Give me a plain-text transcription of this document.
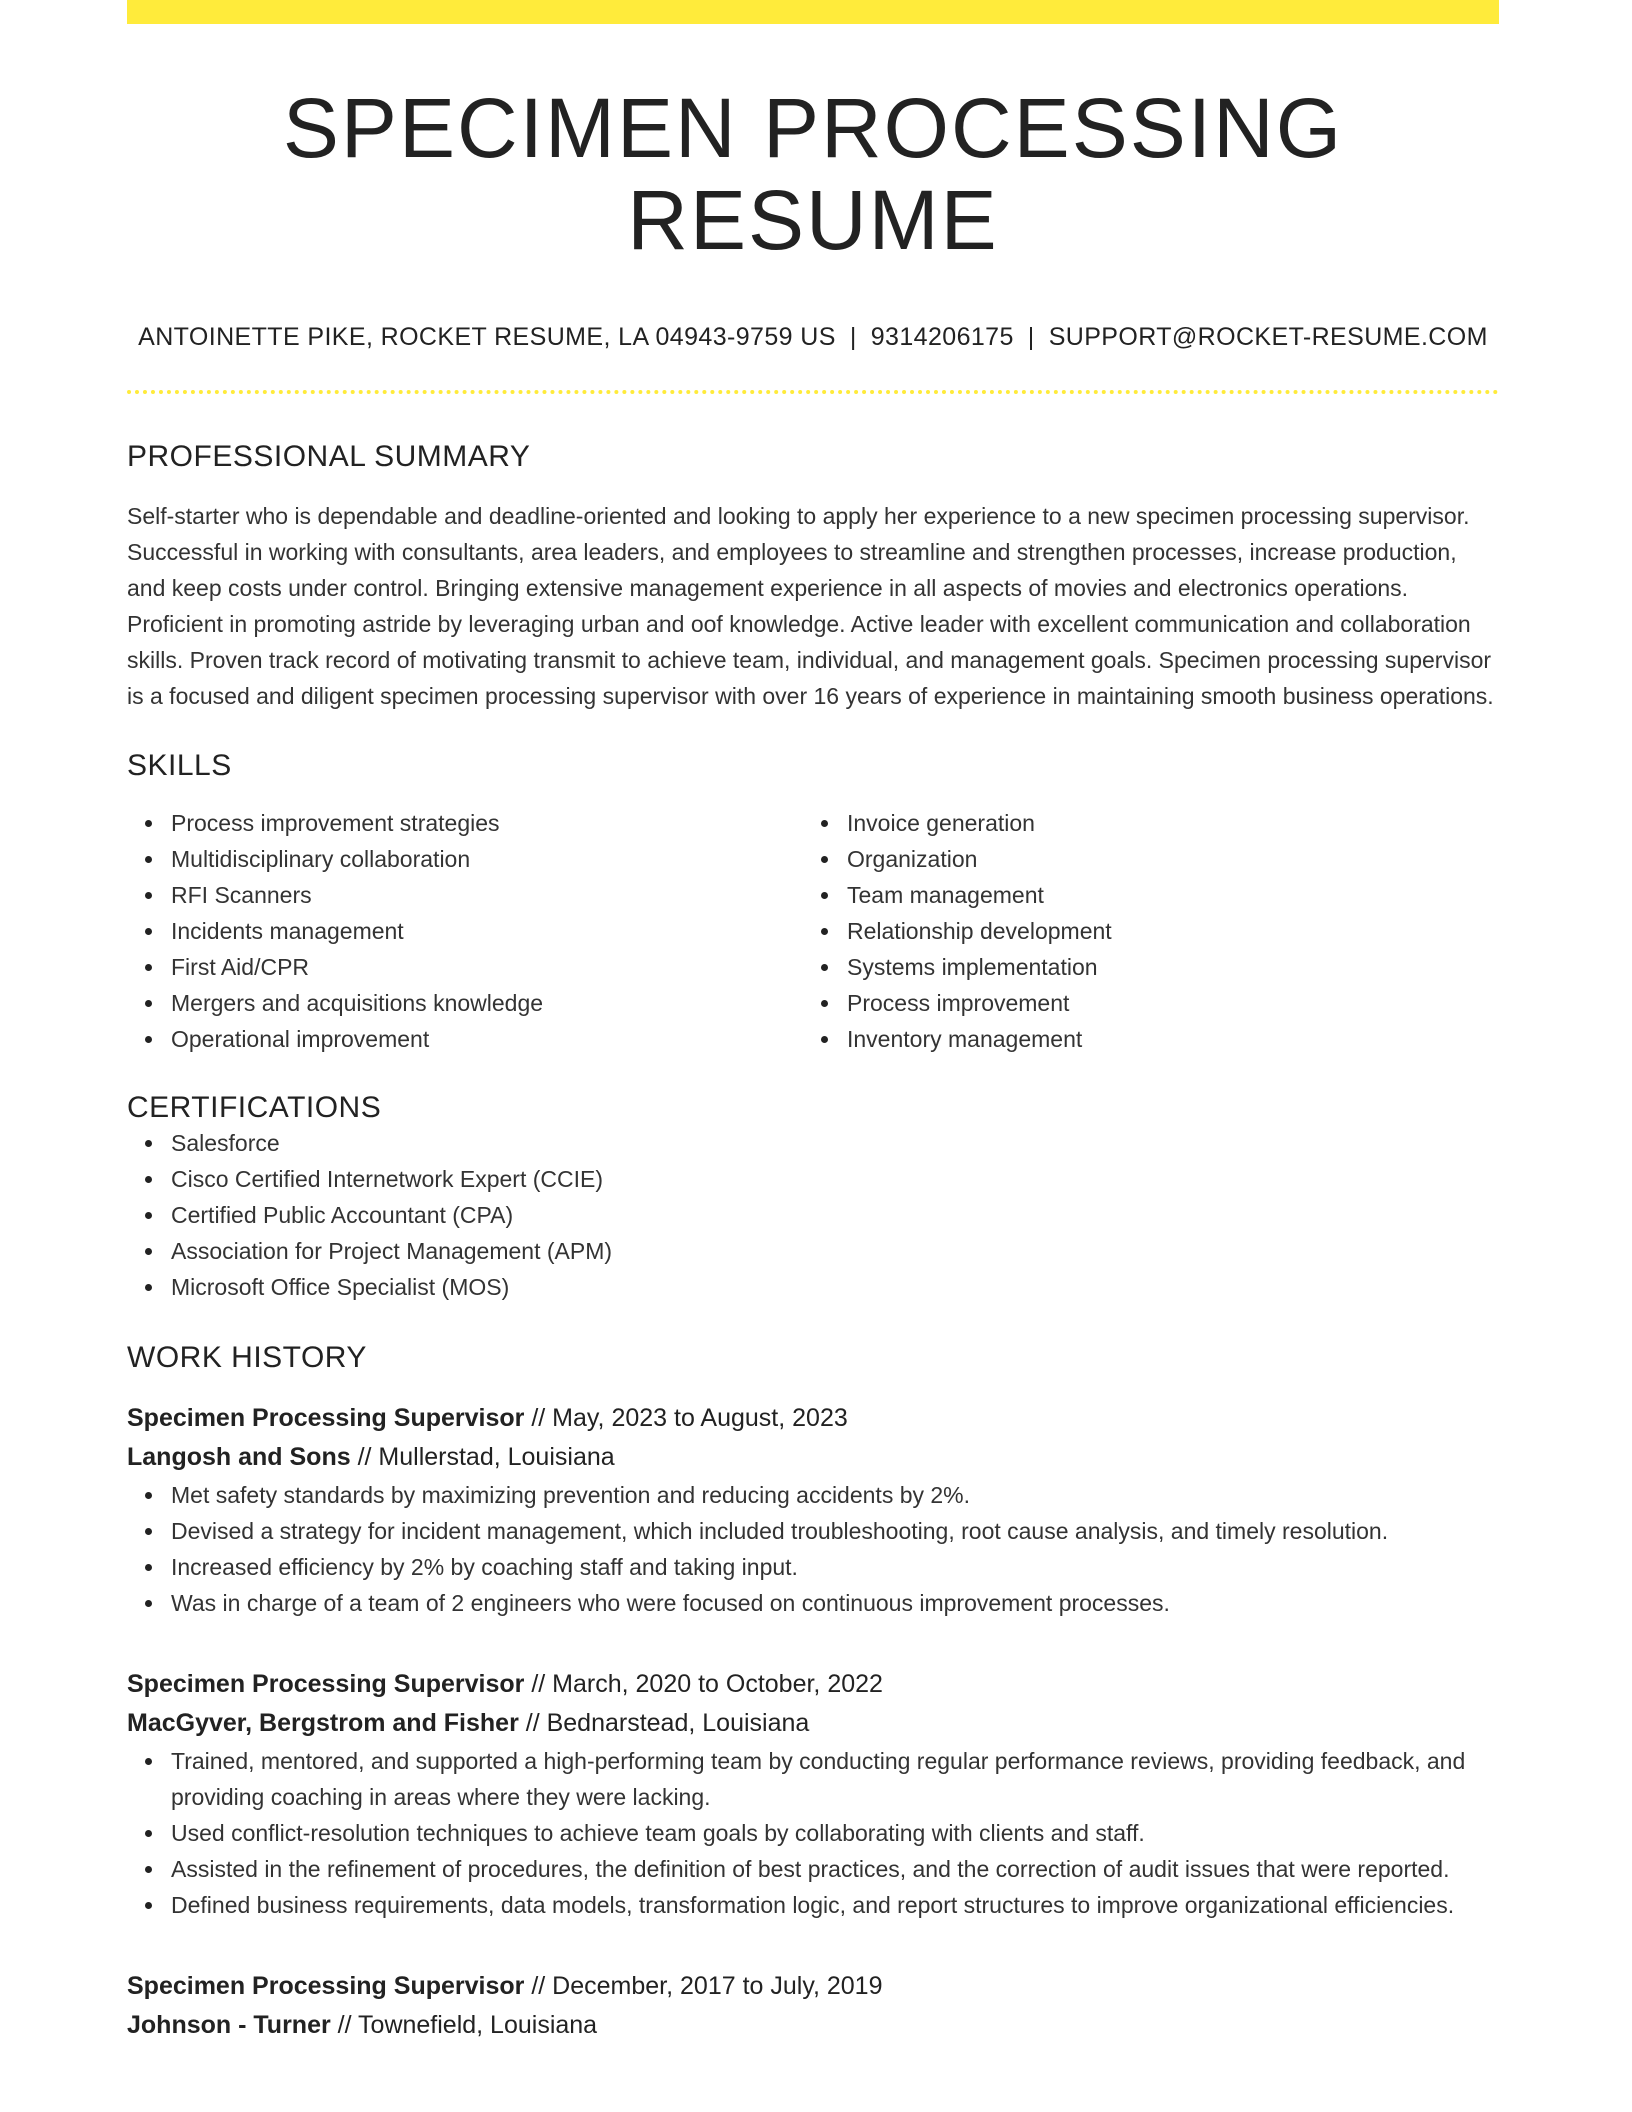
SPECIMEN PROCESSING RESUME
ANTOINETTE PIKE, ROCKET RESUME, LA 04943-9759 US | 9314206175 | SUPPORT@ROCKET-RESUME.COM
PROFESSIONAL SUMMARY

Self-starter who is dependable and deadline-oriented and looking to apply her experience to a new specimen processing supervisor. Successful in working with consultants, area leaders, and employees to streamline and strengthen processes, increase production, and keep costs under control. Bringing extensive management experience in all aspects of movies and electronics operations. Proficient in promoting astride by leveraging urban and oof knowledge. Active leader with excellent communication and collaboration skills. Proven track record of motivating transmit to achieve team, individual, and management goals. Specimen processing supervisor is a focused and diligent specimen processing supervisor with over 16 years of experience in maintaining smooth business operations.

SKILLS
Process improvement strategies
Multidisciplinary collaboration
RFI Scanners
Incidents management
First Aid/CPR
Mergers and acquisitions knowledge
Operational improvement
Invoice generation
Organization
Team management
Relationship development
Systems implementation
Process improvement
Inventory management
CERTIFICATIONS
Salesforce
Cisco Certified Internetwork Expert (CCIE)
Certified Public Accountant (CPA)
Association for Project Management (APM)
Microsoft Office Specialist (MOS)
WORK HISTORY
Specimen Processing Supervisor // May, 2023 to August, 2023
Langosh and Sons // Mullerstad, Louisiana
Met safety standards by maximizing prevention and reducing accidents by 2%.
Devised a strategy for incident management, which included troubleshooting, root cause analysis, and timely resolution.
Increased efficiency by 2% by coaching staff and taking input.
Was in charge of a team of 2 engineers who were focused on continuous improvement processes.
Specimen Processing Supervisor // March, 2020 to October, 2022
MacGyver, Bergstrom and Fisher // Bednarstead, Louisiana
Trained, mentored, and supported a high-performing team by conducting regular performance reviews, providing feedback, and providing coaching in areas where they were lacking.
Used conflict-resolution techniques to achieve team goals by collaborating with clients and staff.
Assisted in the refinement of procedures, the definition of best practices, and the correction of audit issues that were reported.
Defined business requirements, data models, transformation logic, and report structures to improve organizational efficiencies.
Specimen Processing Supervisor // December, 2017 to July, 2019
Johnson - Turner // Townefield, Louisiana
